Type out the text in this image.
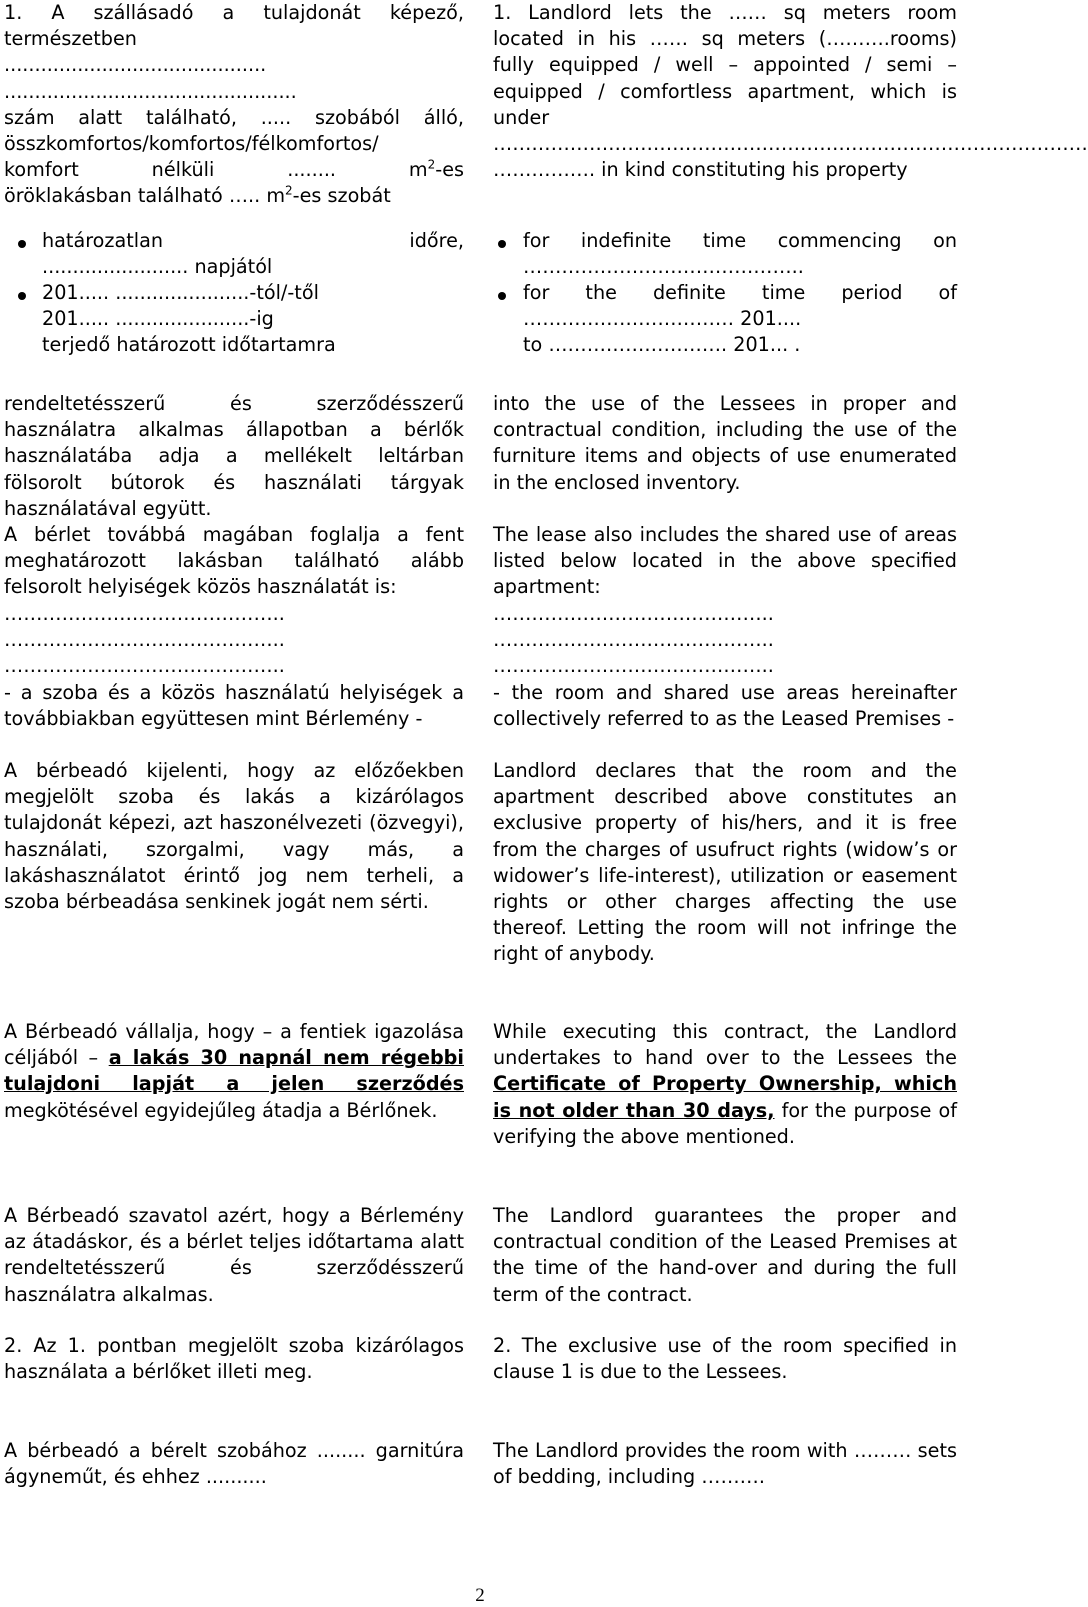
1. A szállásadó a tulajdonát képező,

természetben

...........................................

................................................

szám alatt található, ..... szobából álló,

összkomfortos/komfortos/félkomfortos/

komfort nélküli ........ $m^2-es$

öröklakásban található ….. $m^2-es$ szobát

határozatlan időre,

........................ napjától

201..... ......................-tól/-től

201..... ......................-ig

terjedő határozott időtartamra

rendeltetésszerű és szerződésszerű használatra alkalmas állapotban a bérlők használatába adja a mellékelt leltárban fölsorolt bútorok és használati tárgyak használatával együtt.

A bérlet továbbá magában foglalja a fent meghatározott lakásban található alább felsorolt helyiségek közös használatát is:

……………………………………..

……………………………………..

……………………………………..

- a szoba és a közös használatú helyiségek a továbbiakban együttesen mint Bérlemény -

A bérbeadó kijelenti, hogy az előzőekben megjelölt szoba és lakás a kizárólagos tulajdonát képezi, azt haszonélvezeti (özvegyi), használati, szorgalmi, vagy más, a lakáshasználatot érintő jog nem terheli, a szoba bérbeadása senkinek jogát nem sérti.

A Bérbeadó vállalja, hogy – a fentiek igazolása céljából – a lakás 30 napnál nem régebbi tulajdoni lapját a jelen szerződés megkötésével egyidejűleg átadja a Bérlőnek.

A Bérbeadó szavatol azért, hogy a Bérlemény az átadáskor, és a bérlet teljes időtartama alatt rendeltetésszerű és szerződésszerű használatra alkalmas.

2. Az 1. pontban megjelölt szoba kizárólagos használata a bérlőket illeti meg.

A bérbeadó a bérelt szobához ........ garnitúra ágyneműt, és ehhez ..........

1. Landlord lets the …… sq meters room located in his …… sq meters (……….rooms) fully equipped / well – appointed / semi – equipped / comfortless apartment, which is under

…………………………………………………………………………………

……………. in kind constituting his property

for indefinite time commencing on

……………………………………..

for the definite time period of

…………………………… 201....

to ………………………. 201... .

into the use of the Lessees in proper and contractual condition, including the use of the furniture items and objects of use enumerated in the enclosed inventory.

The lease also includes the shared use of areas listed below located in the above specified apartment:

……………………………………..

……………………………………..

……………………………………..

- the room and shared use areas hereinafter collectively referred to as the Leased Premises -

Landlord declares that the room and the apartment described above constitutes an exclusive property of his/hers, and it is free from the charges of usufruct rights (widow’s or widower’s life-interest), utilization or easement rights or other charges affecting the use thereof. Letting the room will not infringe the right of anybody.

While executing this contract, the Landlord undertakes to hand over to the Lessees the Certificate of Property Ownership, which is not older than 30 days, for the purpose of verifying the above mentioned.

The Landlord guarantees the proper and contractual condition of the Leased Premises at the time of the hand-over and during the full term of the contract.

2. The exclusive use of the room specified in clause 1 is due to the Lessees.

The Landlord provides the room with ……… sets of bedding, including ……….

2
